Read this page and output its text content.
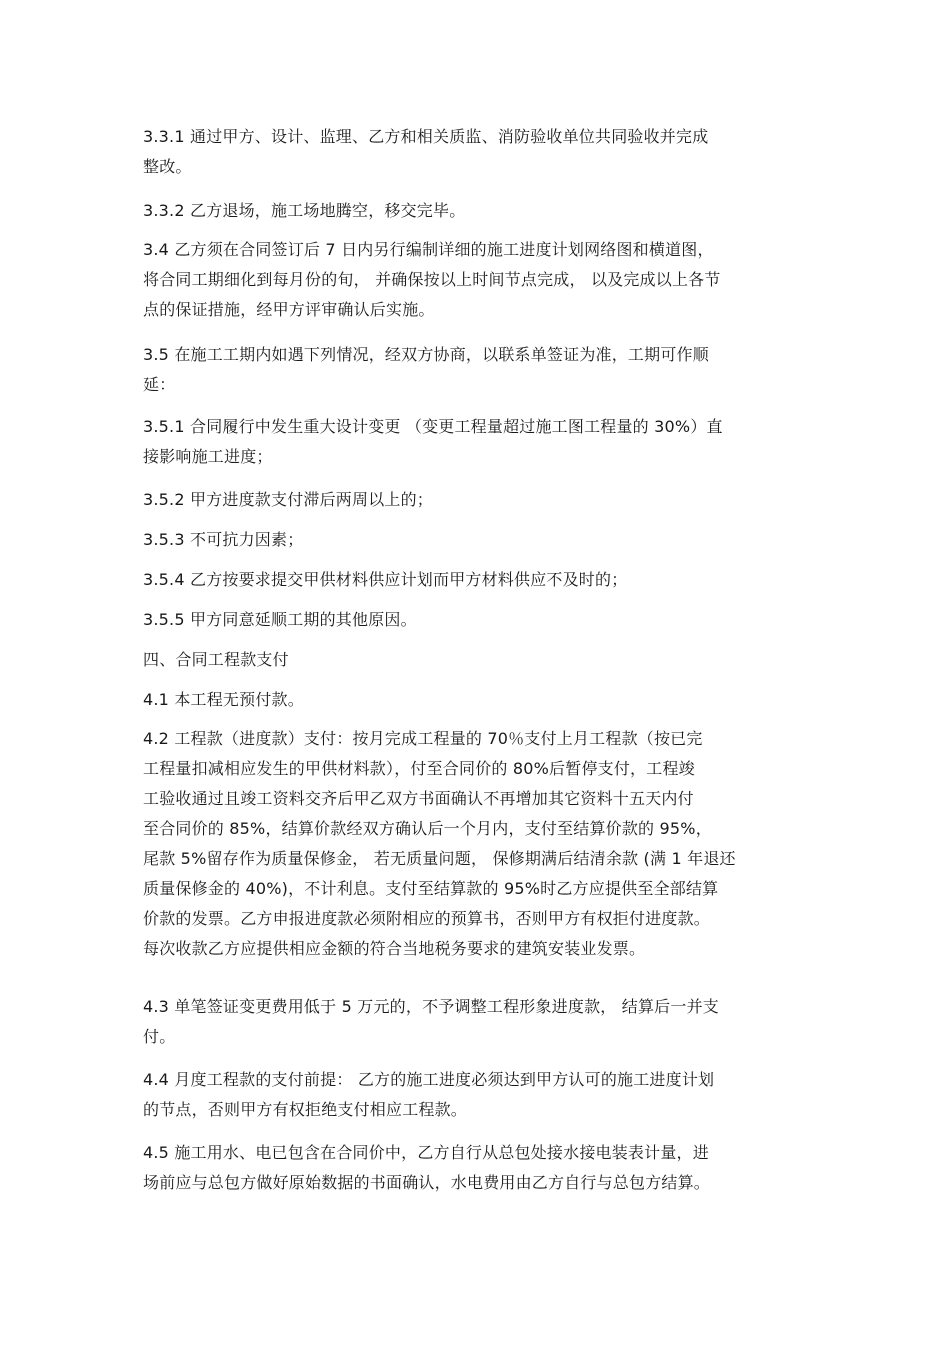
3.3.1 通过甲方、设计、监理、乙方和相关质监、消防验收单位共同验收并完成
整改。
3.3.2 乙方退场，施工场地腾空，移交完毕。
3.4 乙方须在合同签订后 7 日内另行编制详细的施工进度计划网络图和横道图，
将合同工期细化到每月份的旬， 并确保按以上时间节点完成， 以及完成以上各节
点的保证措施，经甲方评审确认后实施。
3.5 在施工工期内如遇下列情况，经双方协商，以联系单签证为准，工期可作顺
延：
3.5.1 合同履行中发生重大设计变更 （变更工程量超过施工图工程量的 30%）直
接影响施工进度；
3.5.2 甲方进度款支付滞后两周以上的；
3.5.3 不可抗力因素；
3.5.4 乙方按要求提交甲供材料供应计划而甲方材料供应不及时的；
3.5.5 甲方同意延顺工期的其他原因。
四、合同工程款支付
4.1 本工程无预付款。
4.2 工程款（进度款）支付：按月完成工程量的 70％支付上月工程款（按已完
工程量扣减相应发生的甲供材料款），付至合同价的 80%后暂停支付，工程竣
工验收通过且竣工资料交齐后甲乙双方书面确认不再增加其它资料十五天内付
至合同价的 85%，结算价款经双方确认后一个月内，支付至结算价款的 95%，
尾款 5%留存作为质量保修金， 若无质量问题， 保修期满后结清余款 (满 1 年退还
质量保修金的 40%)，不计利息。支付至结算款的 95%时乙方应提供至全部结算
价款的发票。乙方申报进度款必须附相应的预算书，否则甲方有权拒付进度款。
每次收款乙方应提供相应金额的符合当地税务要求的建筑安装业发票。
4.3 单笔签证变更费用低于 5 万元的，不予调整工程形象进度款， 结算后一并支
付。
4.4 月度工程款的支付前提： 乙方的施工进度必须达到甲方认可的施工进度计划
的节点，否则甲方有权拒绝支付相应工程款。
4.5 施工用水、电已包含在合同价中，乙方自行从总包处接水接电装表计量，进
场前应与总包方做好原始数据的书面确认，水电费用由乙方自行与总包方结算。
